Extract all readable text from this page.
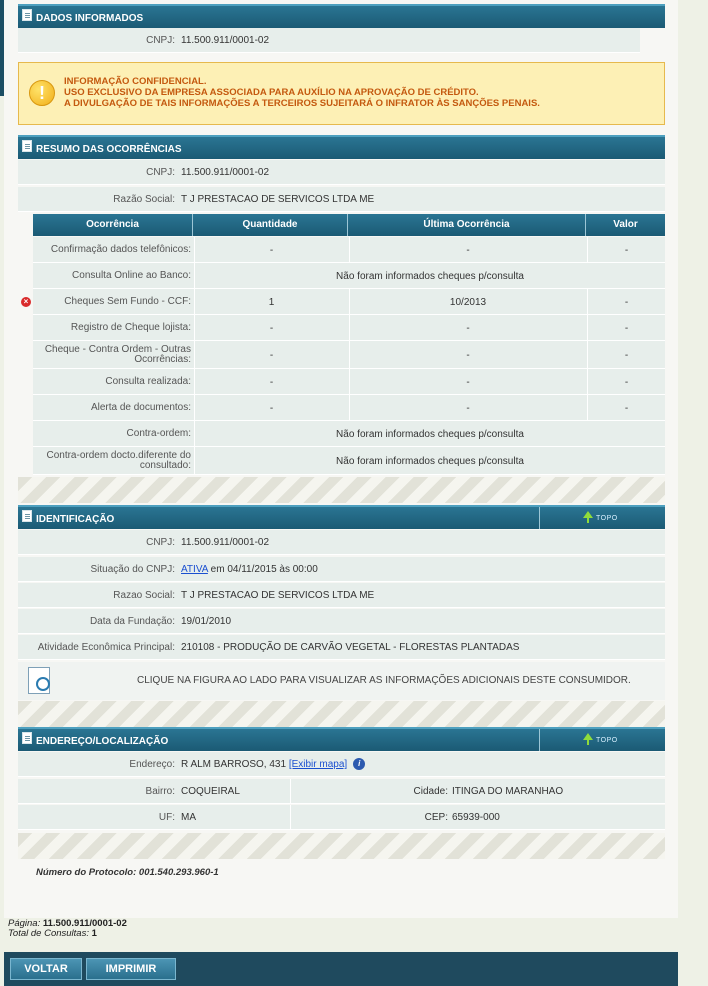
DADOS INFORMADOS
CNPJ: 11.500.911/0001-02
!
INFORMAÇÃO CONFIDENCIAL.
USO EXCLUSIVO DA EMPRESA ASSOCIADA PARA AUXÍLIO NA APROVAÇÃO DE CRÉDITO.
A DIVULGAÇÃO DE TAIS INFORMAÇÕES A TERCEIROS SUJEITARÁ O INFRATOR ÀS SANÇÕES PENAIS.
RESUMO DAS OCORRÊNCIAS
CNPJ: 11.500.911/0001-02
Razão Social: T J PRESTACAO DE SERVICOS LTDA ME
Ocorrência	Quantidade	Última Ocorrência	Valor
Confirmação dados telefônicos:	-	-	-
Consulta Online ao Banco:	Não foram informados cheques p/consulta
×	Cheques Sem Fundo - CCF:	1	10/2013	-
Registro de Cheque lojista:	-	-	-
Cheque - Contra Ordem - Outras Ocorrências:	-	-	-
Consulta realizada:	-	-	-
Alerta de documentos:	-	-	-
Contra-ordem:	Não foram informados cheques p/consulta
Contra-ordem docto.diferente do consultado:	Não foram informados cheques p/consulta
IDENTIFICAÇÃO	TOPO
CNPJ: 11.500.911/0001-02
Situação do CNPJ: ATIVA em 04/11/2015 às 00:00
Razao Social: T J PRESTACAO DE SERVICOS LTDA ME
Data da Fundação: 19/01/2010
Atividade Econômica Principal: 210108 - PRODUÇÃO DE CARVÃO VEGETAL - FLORESTAS PLANTADAS
CLIQUE NA FIGURA AO LADO PARA VISUALIZAR AS INFORMAÇÕES ADICIONAIS DESTE CONSUMIDOR.
ENDEREÇO/LOCALIZAÇÃO	TOPO
Endereço: R ALM BARROSO, 431 [Exibir mapa] i
Bairro: COQUEIRAL	Cidade: ITINGA DO MARANHAO
UF: MA	CEP: 65939-000
Número do Protocolo: 001.540.293.960-1
Página: 11.500.911/0001-02
Total de Consultas: 1
VOLTAR	IMPRIMIR
